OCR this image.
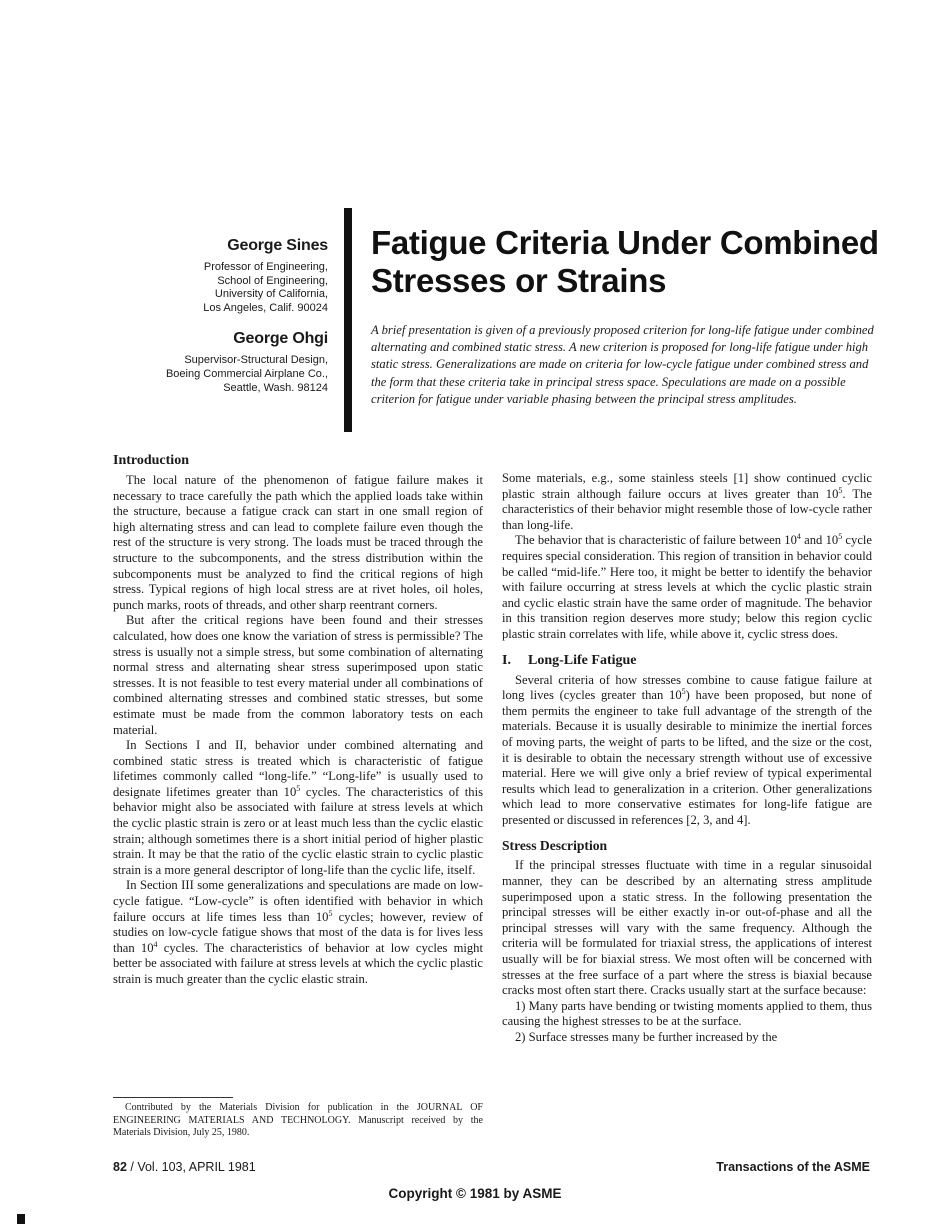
George Sines
Professor of Engineering,
School of Engineering,
University of California,
Los Angeles, Calif. 90024
George Ohgi
Supervisor-Structural Design,
Boeing Commercial Airplane Co.,
Seattle, Wash. 98124
Fatigue Criteria Under Combined
Stresses or Strains

A brief presentation is given of a previously proposed criterion for long-life fatigue under combined alternating and combined static stress. A new criterion is proposed for long-life fatigue under high static stress. Generalizations are made on criteria for low-cycle fatigue under combined stress and the form that these criteria take in principal stress space. Speculations are made on a possible criterion for fatigue under variable phasing between the principal stress amplitudes.

Introduction

The local nature of the phenomenon of fatigue failure makes it necessary to trace carefully the path which the applied loads take within the structure, because a fatigue crack can start in one small region of high alternating stress and can lead to complete failure even though the rest of the structure is very strong. The loads must be traced through the structure to the subcomponents, and the stress distribution within the subcomponents must be analyzed to find the critical regions of high stress. Typical regions of high local stress are at rivet holes, oil holes, punch marks, roots of threads, and other sharp reentrant corners.

But after the critical regions have been found and their stresses calculated, how does one know the variation of stress is permissible? The stress is usually not a simple stress, but some combination of alternating normal stress and alternating shear stress superimposed upon static stresses. It is not feasible to test every material under all combinations of combined alternating stresses and combined static stresses, but some estimate must be made from the common laboratory tests on each material.

In Sections I and II, behavior under combined alternating and combined static stress is treated which is characteristic of fatigue lifetimes commonly called “long-life.” “Long-life” is usually used to designate lifetimes greater than $10^5$ cycles. The characteristics of this behavior might also be associated with failure at stress levels at which the cyclic plastic strain is zero or at least much less than the cyclic elastic strain; although sometimes there is a short initial period of higher plastic strain. It may be that the ratio of the cyclic elastic strain to cyclic plastic strain is a more general descriptor of long-life than the cyclic life, itself.

In Section III some generalizations and speculations are made on low-cycle fatigue. “Low-cycle” is often identified with behavior in which failure occurs at life times less than $10^5$ cycles; however, review of studies on low-cycle fatigue shows that most of the data is for lives less than $10^4$ cycles. The characteristics of behavior at low cycles might better be associated with failure at stress levels at which the cyclic plastic strain is much greater than the cyclic elastic strain.

Contributed by the Materials Division for publication in the JOURNAL OF ENGINEERING MATERIALS AND TECHNOLOGY. Manuscript received by the Materials Division, July 25, 1980.

Some materials, e.g., some stainless steels [1] show continued cyclic plastic strain although failure occurs at lives greater than $10^5$. The characteristics of their behavior might resemble those of low-cycle rather than long-life.

The behavior that is characteristic of failure between $10^4$ and $10^5$ cycle requires special consideration. This region of transition in behavior could be called “mid-life.” Here too, it might be better to identify the behavior with failure occurring at stress levels at which the cyclic plastic strain and cyclic elastic strain have the same order of magnitude. The behavior in this transition region deserves more study; below this region cyclic plastic strain correlates with life, while above it, cyclic stress does.

I. Long-Life Fatigue

Several criteria of how stresses combine to cause fatigue failure at long lives (cycles greater than $10^5$) have been proposed, but none of them permits the engineer to take full advantage of the strength of the materials. Because it is usually desirable to minimize the inertial forces of moving parts, the weight of parts to be lifted, and the size or the cost, it is desirable to obtain the necessary strength without use of excessive material. Here we will give only a brief review of typical experimental results which lead to generalization in a criterion. Other generalizations which lead to more conservative estimates for long-life fatigue are presented or discussed in references [2, 3, and 4].

Stress Description

If the principal stresses fluctuate with time in a regular sinusoidal manner, they can be described by an alternating stress amplitude superimposed upon a static stress. In the following presentation the principal stresses will be either exactly in-or out-of-phase and all the principal stresses will vary with the same frequency. Although the criteria will be formulated for triaxial stress, the applications of interest usually will be for biaxial stress. We most often will be concerned with stresses at the free surface of a part where the stress is biaxial because cracks most often start there. Cracks usually start at the surface because:

1) Many parts have bending or twisting moments applied to them, thus causing the highest stresses to be at the surface.

2) Surface stresses many be further increased by the

82 / Vol. 103, APRIL 1981	Transactions of the ASME
Copyright © 1981 by ASME
